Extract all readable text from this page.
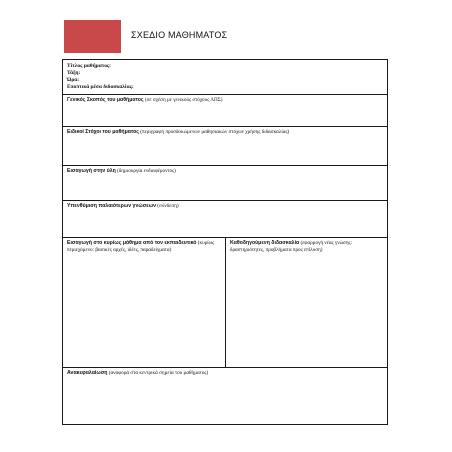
ΣΧΕΔΙΟ ΜΑΘΗΜΑΤΟΣ
Τίτλος μαθήματος:
Τάξη:
Ώρα:
Εποπτικά μέσα διδασκαλίας:
Γενικός Σκοπός του μαθήματος (σε σχέση με γενικούς στόχους ΛΠΣ)
Ειδικοί Στόχοι του μαθήματος (περιγραφή προσδοκώμενων μαθησιακών στόχων χρήσης διδασκαλίας)
Εισαγωγή στην ύλη (δημιουργία ενδιαφέροντος)
Υπενθύμιση παλαιότερων γνώσεων (σύνδεση)
Εισαγωγή στο κυρίως μάθημα από τον εκπαιδευτικό (κυρίως περιεχόμενο: βασικές αρχές, ιδέες, παραδείγματα)
Καθοδηγούμενη διδασκαλία (εφαρμογή νέας γνώσης: δραστηριότητες, προβλήματα προς επίλυση)
Ανακεφαλαίωση (αναφορά στα κεντρικά σημεία του μαθήματος)
